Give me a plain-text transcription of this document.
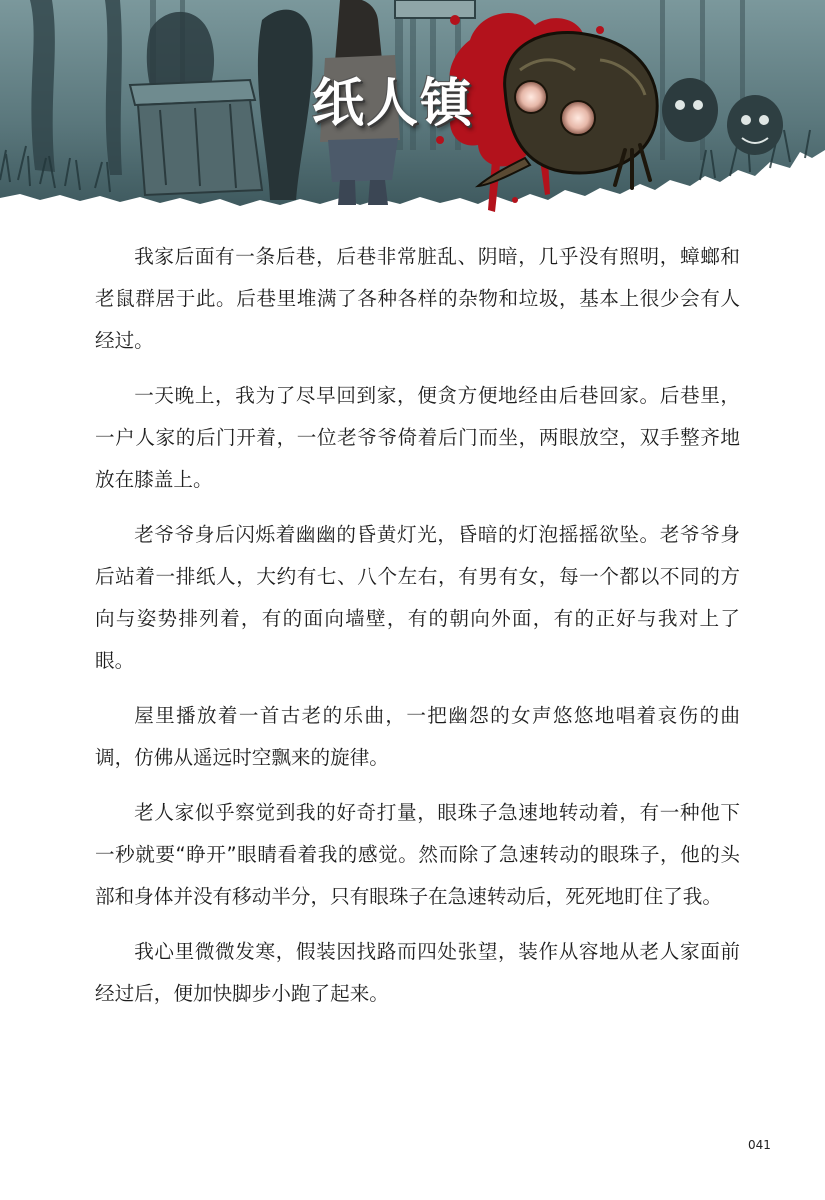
纸人镇

我家后面有一条后巷，后巷非常脏乱、阴暗，几乎没有照明，蟑螂和老鼠群居于此。后巷里堆满了各种各样的杂物和垃圾，基本上很少会有人经过。

一天晚上，我为了尽早回到家，便贪方便地经由后巷回家。后巷里，一户人家的后门开着，一位老爷爷倚着后门而坐，两眼放空，双手整齐地放在膝盖上。

老爷爷身后闪烁着幽幽的昏黄灯光，昏暗的灯泡摇摇欲坠。老爷爷身后站着一排纸人，大约有七、八个左右，有男有女，每一个都以不同的方向与姿势排列着，有的面向墙壁，有的朝向外面，有的正好与我对上了眼。

屋里播放着一首古老的乐曲，一把幽怨的女声悠悠地唱着哀伤的曲调，仿佛从遥远时空飘来的旋律。

老人家似乎察觉到我的好奇打量，眼珠子急速地转动着，有一种他下一秒就要“睁开”眼睛看着我的感觉。然而除了急速转动的眼珠子，他的头部和身体并没有移动半分，只有眼珠子在急速转动后，死死地盯住了我。

我心里微微发寒，假装因找路而四处张望，装作从容地从老人家面前经过后，便加快脚步小跑了起来。

041
